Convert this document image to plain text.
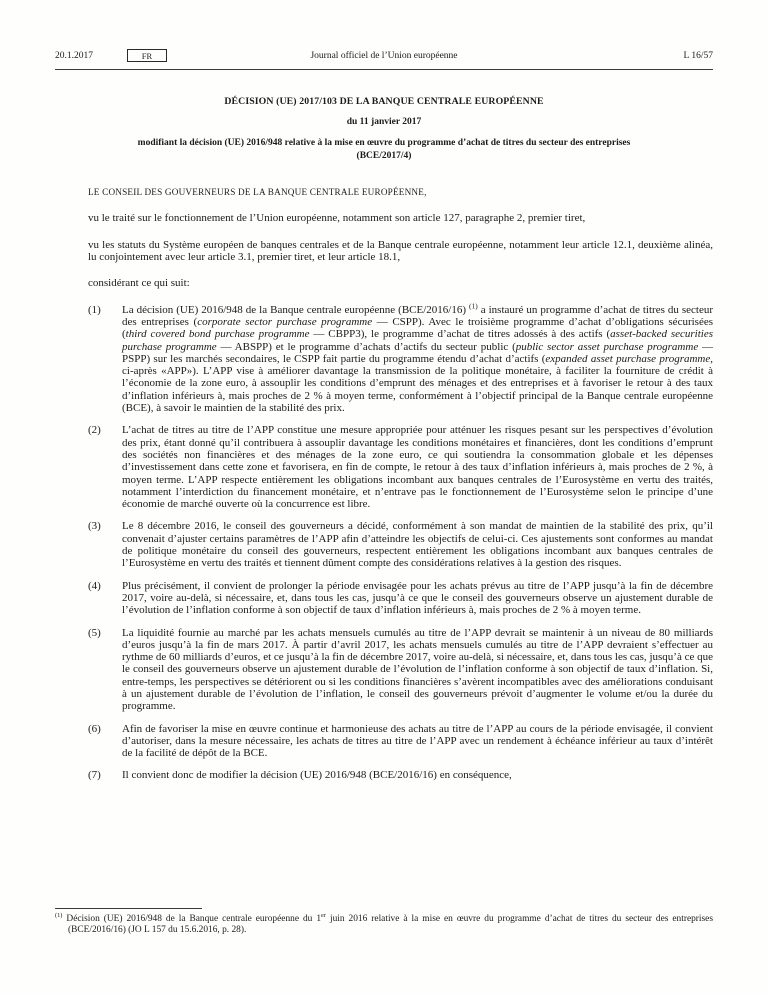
20.1.2017	FR	Journal officiel de l’Union européenne	L 16/57
DÉCISION (UE) 2017/103 DE LA BANQUE CENTRALE EUROPÉENNE
du 11 janvier 2017
modifiant la décision (UE) 2016/948 relative à la mise en œuvre du programme d’achat de titres du secteur des entreprises (BCE/2017/4)

LE CONSEIL DES GOUVERNEURS DE LA BANQUE CENTRALE EUROPÉENNE,

vu le traité sur le fonctionnement de l’Union européenne, notamment son article 127, paragraphe 2, premier tiret,

vu les statuts du Système européen de banques centrales et de la Banque centrale européenne, notamment leur article 12.1, deuxième alinéa, lu conjointement avec leur article 3.1, premier tiret, et leur article 18.1,

considérant ce qui suit:

(1)	La décision (UE) 2016/948 de la Banque centrale européenne (BCE/2016/16) $^{(1)}$ a instauré un programme d’achat de titres du secteur des entreprises (corporate sector purchase programme — CSPP). Avec le troisième programme d’achat d’obligations sécurisées (third covered bond purchase programme — CBPP3), le programme d’achat de titres adossés à des actifs (asset-backed securities purchase programme — ABSPP) et le programme d’achats d’actifs du secteur public (public sector asset purchase programme — PSPP) sur les marchés secondaires, le CSPP fait partie du programme étendu d’achat d’actifs (expanded asset purchase programme, ci-après «APP»). L’APP vise à améliorer davantage la transmission de la politique monétaire, à faciliter la fourniture de crédit à l’économie de la zone euro, à assouplir les conditions d’emprunt des ménages et des entreprises et à favoriser le retour à des taux d’inflation inférieurs à, mais proches de 2 % à moyen terme, conformément à l’objectif principal de la Banque centrale européenne (BCE), à savoir le maintien de la stabilité des prix.
(2)	L’achat de titres au titre de l’APP constitue une mesure appropriée pour atténuer les risques pesant sur les perspectives d’évolution des prix, étant donné qu’il contribuera à assouplir davantage les conditions monétaires et financières, dont les conditions d’emprunt des sociétés non financières et des ménages de la zone euro, ce qui soutiendra la consommation globale et les dépenses d’investissement dans cette zone et favorisera, en fin de compte, le retour à des taux d’inflation inférieurs à, mais proches de 2 %, à moyen terme. L’APP respecte entièrement les obligations incombant aux banques centrales de l’Eurosystème en vertu des traités, notamment l’interdiction du financement monétaire, et n’entrave pas le fonctionnement de l’Eurosystème selon le principe d’une économie de marché ouverte où la concurrence est libre.
(3)	Le 8 décembre 2016, le conseil des gouverneurs a décidé, conformément à son mandat de maintien de la stabilité des prix, qu’il convenait d’ajuster certains paramètres de l’APP afin d’atteindre les objectifs de celui-ci. Ces ajustements sont conformes au mandat de politique monétaire du conseil des gouverneurs, respectent entièrement les obligations incombant aux banques centrales de l’Eurosystème en vertu des traités et tiennent dûment compte des considérations relatives à la gestion des risques.
(4)	Plus précisément, il convient de prolonger la période envisagée pour les achats prévus au titre de l’APP jusqu’à la fin de décembre 2017, voire au-delà, si nécessaire, et, dans tous les cas, jusqu’à ce que le conseil des gouverneurs observe un ajustement durable de l’évolution de l’inflation conforme à son objectif de taux d’inflation inférieurs à, mais proches de 2 % à moyen terme.
(5)	La liquidité fournie au marché par les achats mensuels cumulés au titre de l’APP devrait se maintenir à un niveau de 80 milliards d’euros jusqu’à la fin de mars 2017. À partir d’avril 2017, les achats mensuels cumulés au titre de l’APP devraient s’effectuer au rythme de 60 milliards d’euros, et ce jusqu’à la fin de décembre 2017, voire au-delà, si nécessaire, et, dans tous les cas, jusqu’à ce que le conseil des gouverneurs observe un ajustement durable de l’évolution de l’inflation conforme à son objectif de taux d’inflation. Si, entre-temps, les perspectives se détériorent ou si les conditions financières s’avèrent incompatibles avec des améliorations conduisant à un ajustement durable de l’évolution de l’inflation, le conseil des gouverneurs prévoit d’augmenter le volume et/ou la durée du programme.
(6)	Afin de favoriser la mise en œuvre continue et harmonieuse des achats au titre de l’APP au cours de la période envisagée, il convient d’autoriser, dans la mesure nécessaire, les achats de titres au titre de l’APP avec un rendement à échéance inférieur au taux d’intérêt de la facilité de dépôt de la BCE.
(7)	Il convient donc de modifier la décision (UE) 2016/948 (BCE/2016/16) en conséquence,
$^{(1)}$ Décision (UE) 2016/948 de la Banque centrale européenne du 1er juin 2016 relative à la mise en œuvre du programme d’achat de titres du secteur des entreprises (BCE/2016/16) (JO L 157 du 15.6.2016, p. 28).
